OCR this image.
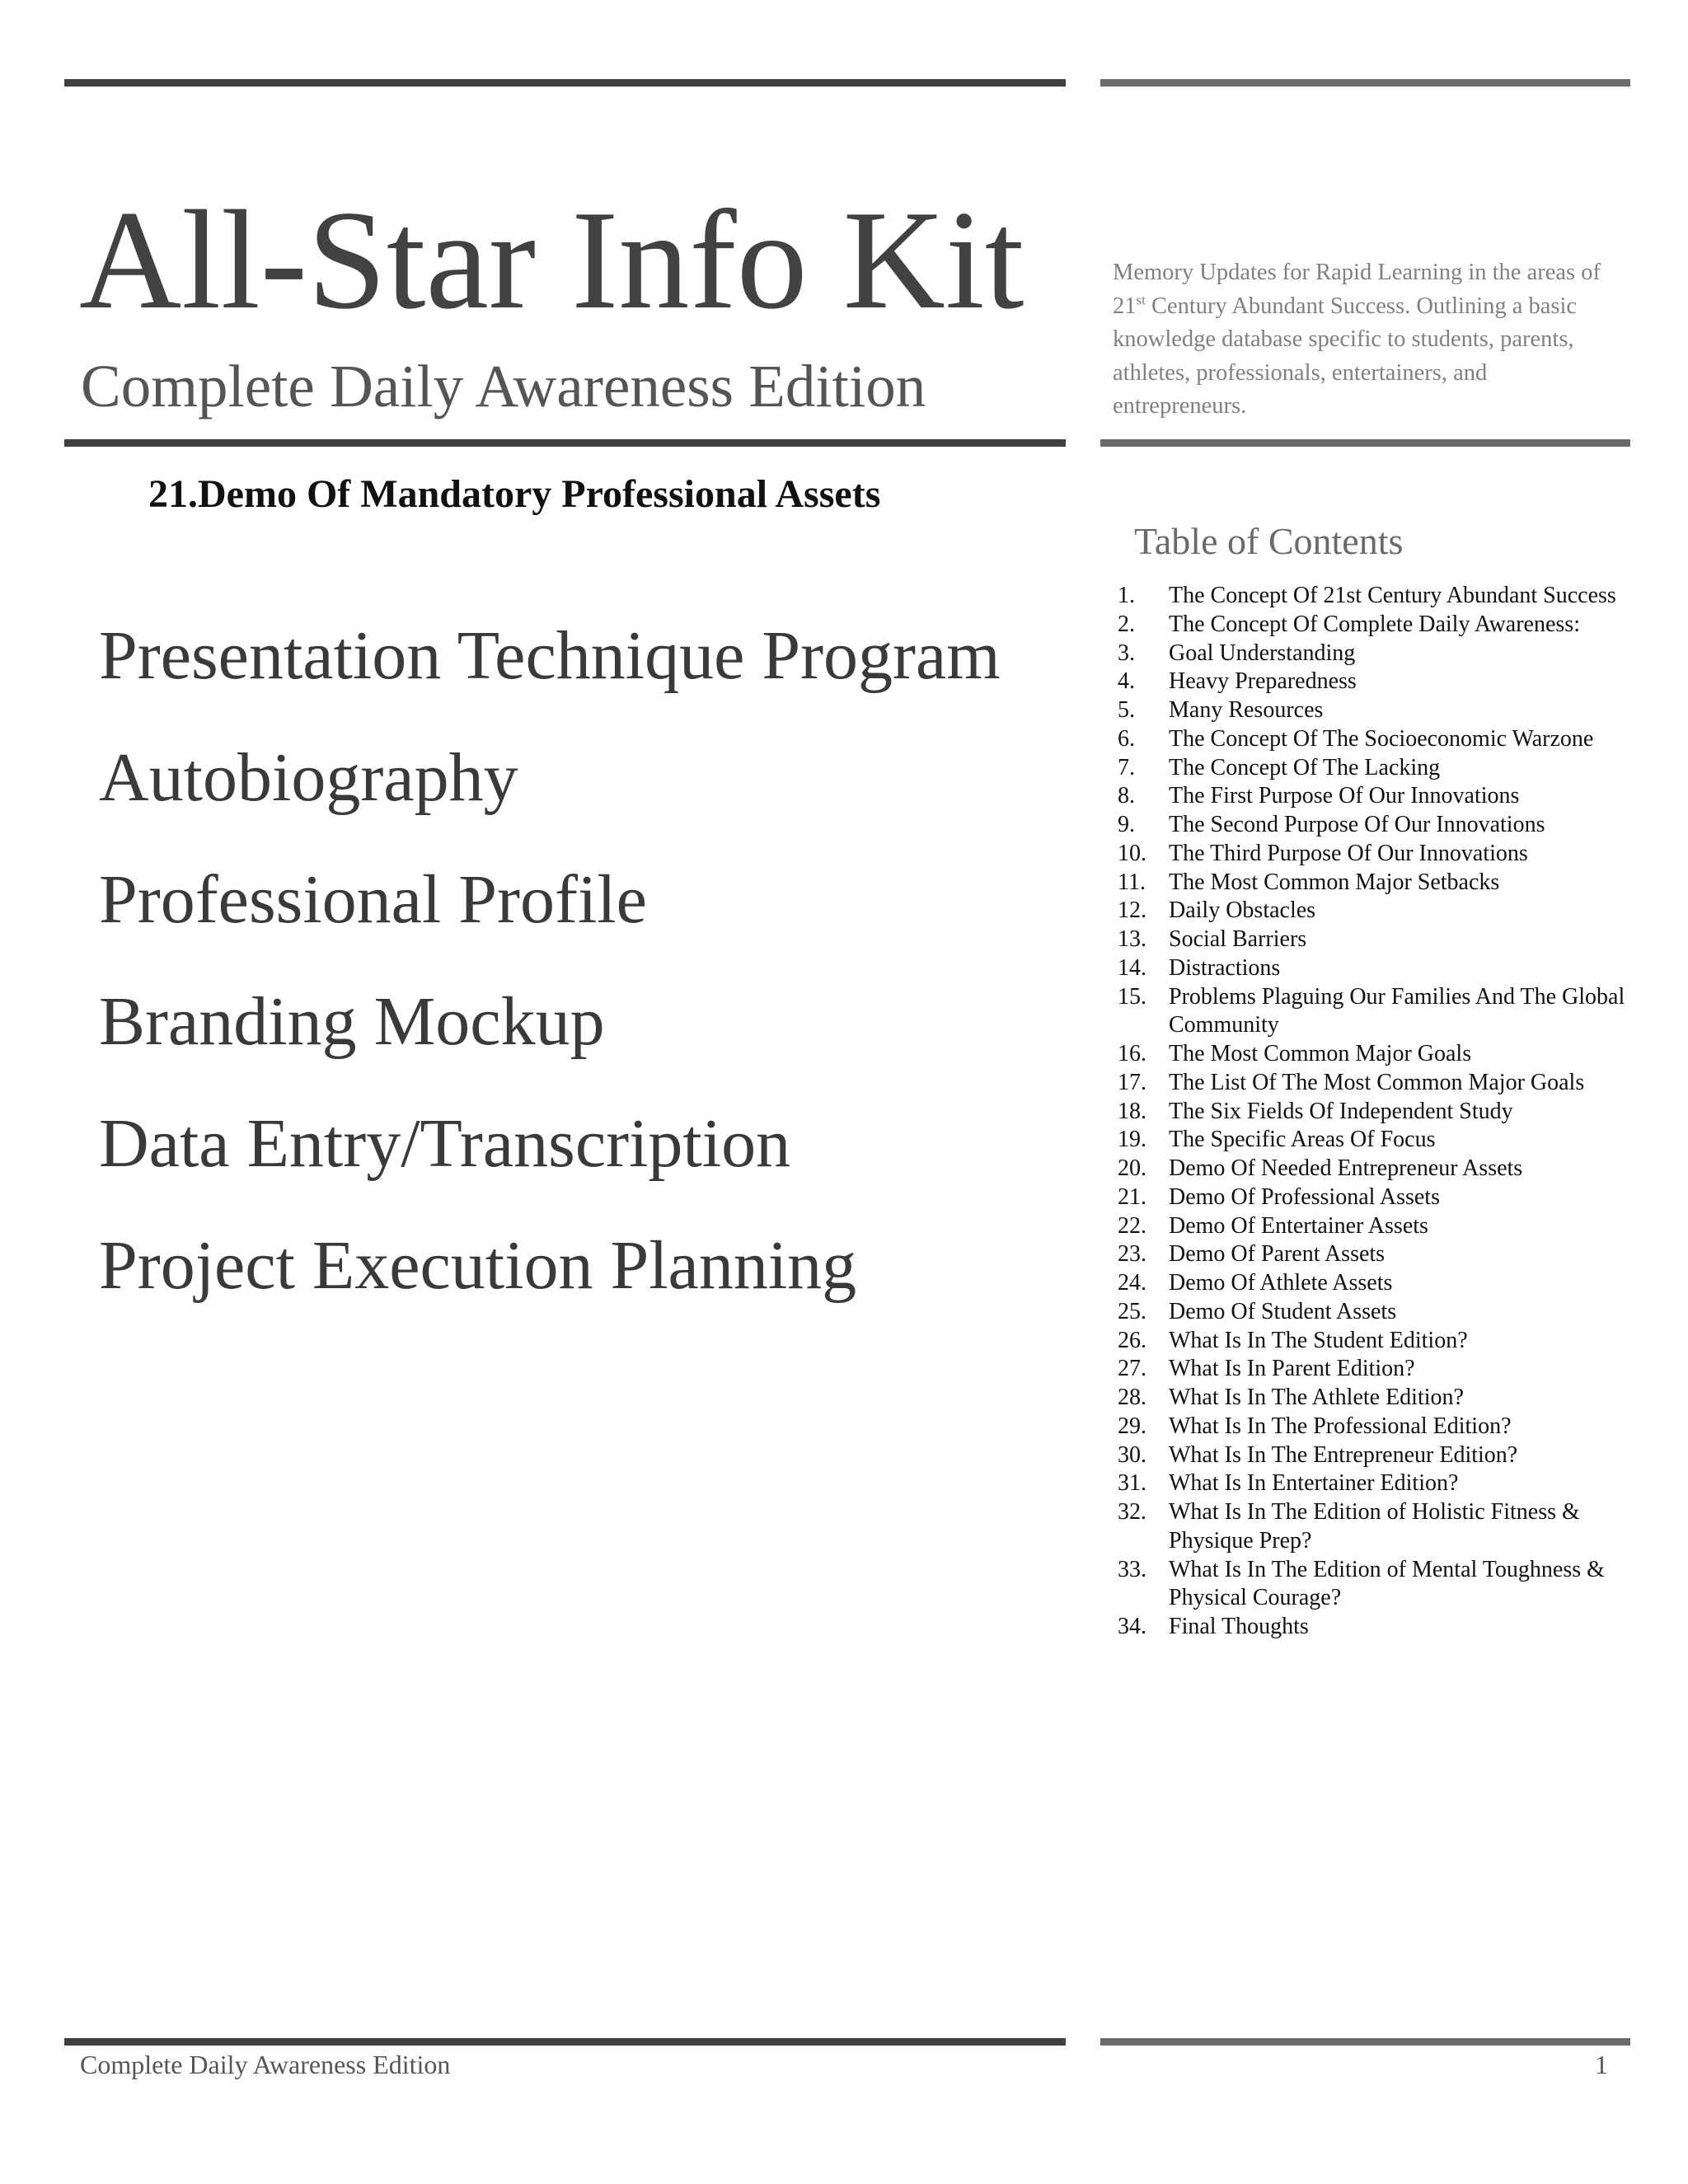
All-Star Info Kit
Complete Daily Awareness Edition
Memory Updates for Rapid Learning in the areas of 21st Century Abundant Success. Outlining a basic knowledge database specific to students, parents, athletes, professionals, entertainers, and entrepreneurs.
21.Demo Of Mandatory Professional Assets
Presentation Technique Program
Autobiography
Professional Profile
Branding Mockup
Data Entry/Transcription
Project Execution Planning
Table of Contents
1. The Concept Of 21st Century Abundant Success
2. The Concept Of Complete Daily Awareness:
3. Goal Understanding
4. Heavy Preparedness
5. Many Resources
6. The Concept Of The Socioeconomic Warzone
7. The Concept Of The Lacking
8. The First Purpose Of Our Innovations
9. The Second Purpose Of Our Innovations
10. The Third Purpose Of Our Innovations
11. The Most Common Major Setbacks
12. Daily Obstacles
13. Social Barriers
14. Distractions
15. Problems Plaguing Our Families And The Global Community
16. The Most Common Major Goals
17. The List Of The Most Common Major Goals
18. The Six Fields Of Independent Study
19. The Specific Areas Of Focus
20. Demo Of Needed Entrepreneur Assets
21. Demo Of Professional Assets
22. Demo Of Entertainer Assets
23. Demo Of Parent Assets
24. Demo Of Athlete Assets
25. Demo Of Student Assets
26. What Is In The Student Edition?
27. What Is In Parent Edition?
28. What Is In The Athlete Edition?
29. What Is In The Professional Edition?
30. What Is In The Entrepreneur Edition?
31. What Is In Entertainer Edition?
32. What Is In The Edition of Holistic Fitness & Physique Prep?
33. What Is In The Edition of Mental Toughness & Physical Courage?
34. Final Thoughts
Complete Daily Awareness Edition	1
